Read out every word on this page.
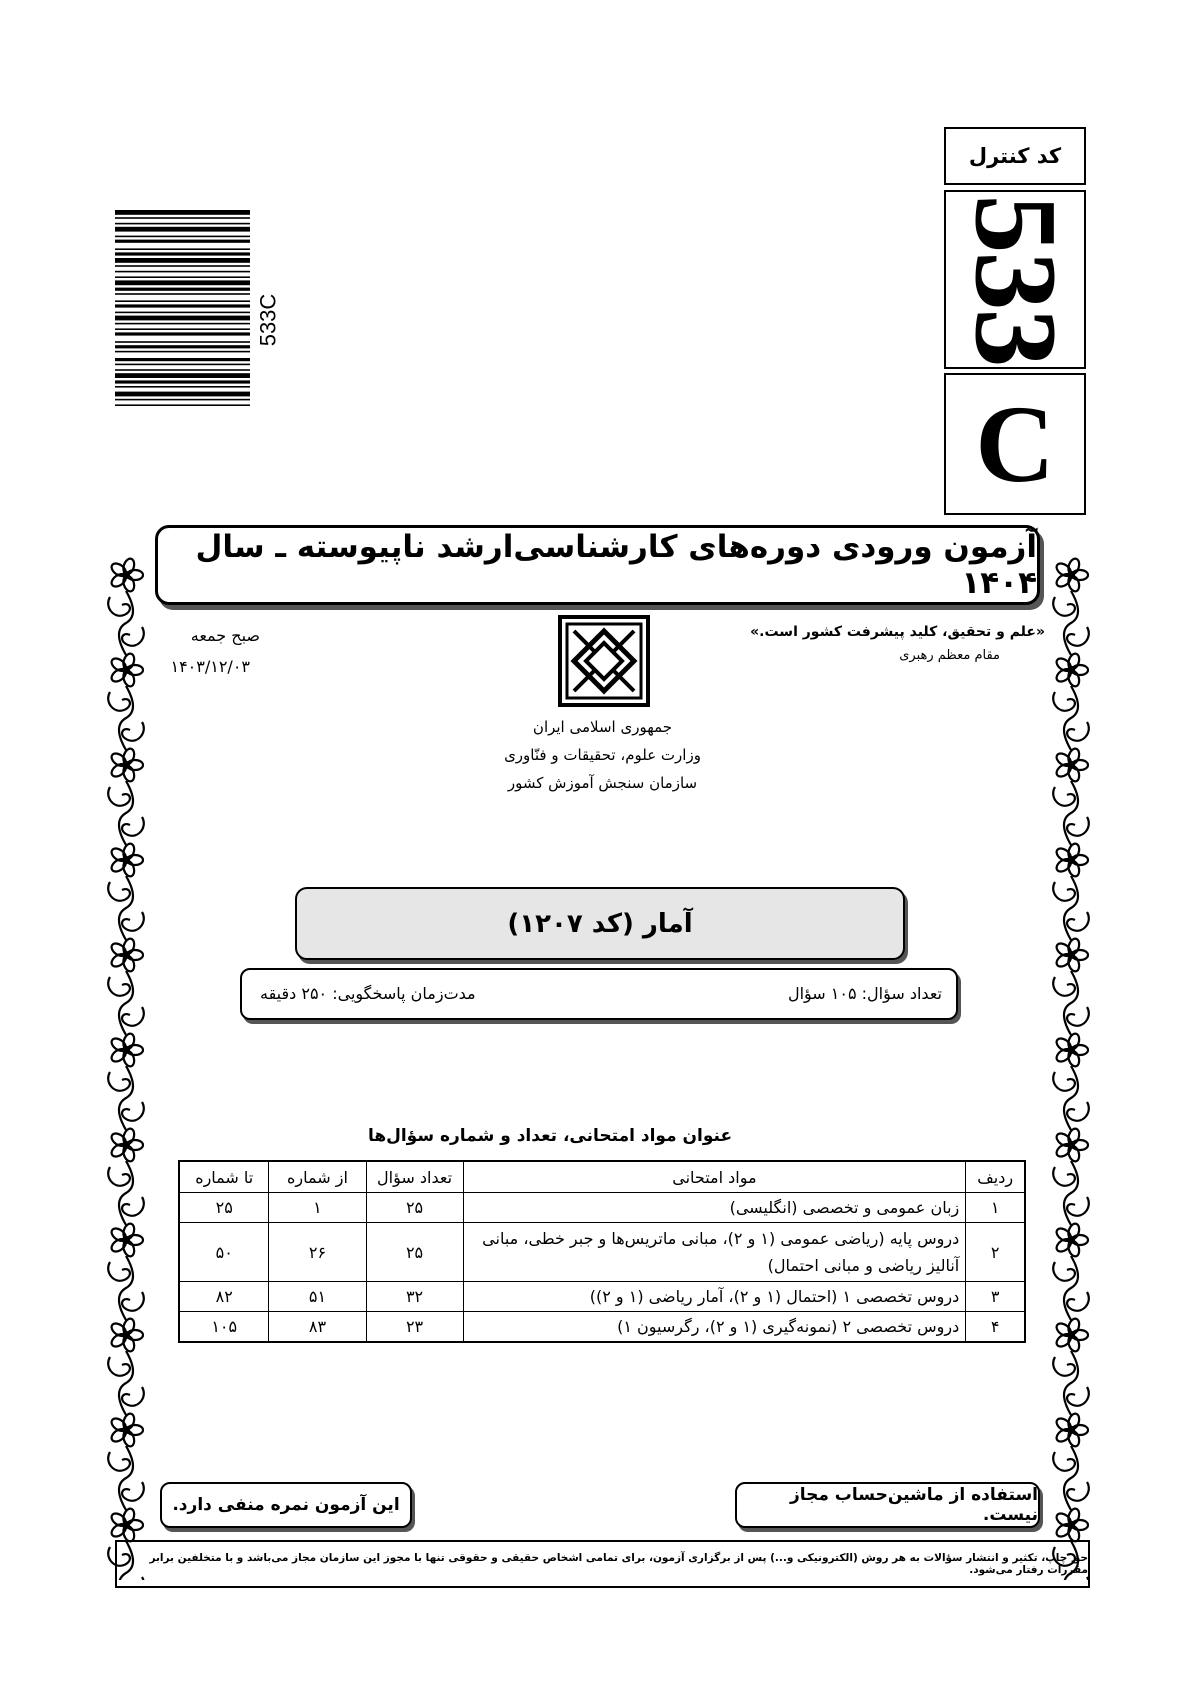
کد کنترل
533
C
533C
آزمون ورودی دوره‌های کارشناسی‌ارشد ناپیوسته ـ سال ۱۴۰۴
«علم و تحقیق، کلید پیشرفت کشور است.»
مقام معظم رهبری
صبح جمعه
۱۴۰۳/۱۲/۰۳
جمهوری اسلامی ایران
وزارت علوم، تحقیقات و فنّاوری
سازمان سنجش آموزش کشور
آمار (کد ۱۲۰۷)
تعداد سؤال: ۱۰۵ سؤال
مدت‌زمان پاسخگویی: ۲۵۰ دقیقه
عنوان مواد امتحانی، تعداد و شماره سؤال‌ها
ردیف	مواد امتحانی	تعداد سؤال	از شماره	تا شماره
۱	زبان عمومی و تخصصی (انگلیسی)	۲۵	۱	۲۵
۲	دروس پایه (ریاضی عمومی (۱ و ۲)، مبانی ماتریس‌ها و جبر خطی، مبانی آنالیز ریاضی و مبانی احتمال)	۲۵	۲۶	۵۰
۳	دروس تخصصی ۱ (احتمال (۱ و ۲)، آمار ریاضی (۱ و ۲))	۳۲	۵۱	۸۲
۴	دروس تخصصی ۲ (نمونه‌گیری (۱ و ۲)، رگرسیون ۱)	۲۳	۸۳	۱۰۵
این آزمون نمره منفی دارد.	استفاده از ماشین‌حساب مجاز نیست.
حق چاپ، تکثیر و انتشار سؤالات به هر روش (الکترونیکی و...) پس از برگزاری آزمون، برای تمامی اشخاص حقیقی و حقوقی تنها با مجوز این سازمان مجاز می‌باشد و با متخلفین برابر مقررات رفتار می‌شود.
